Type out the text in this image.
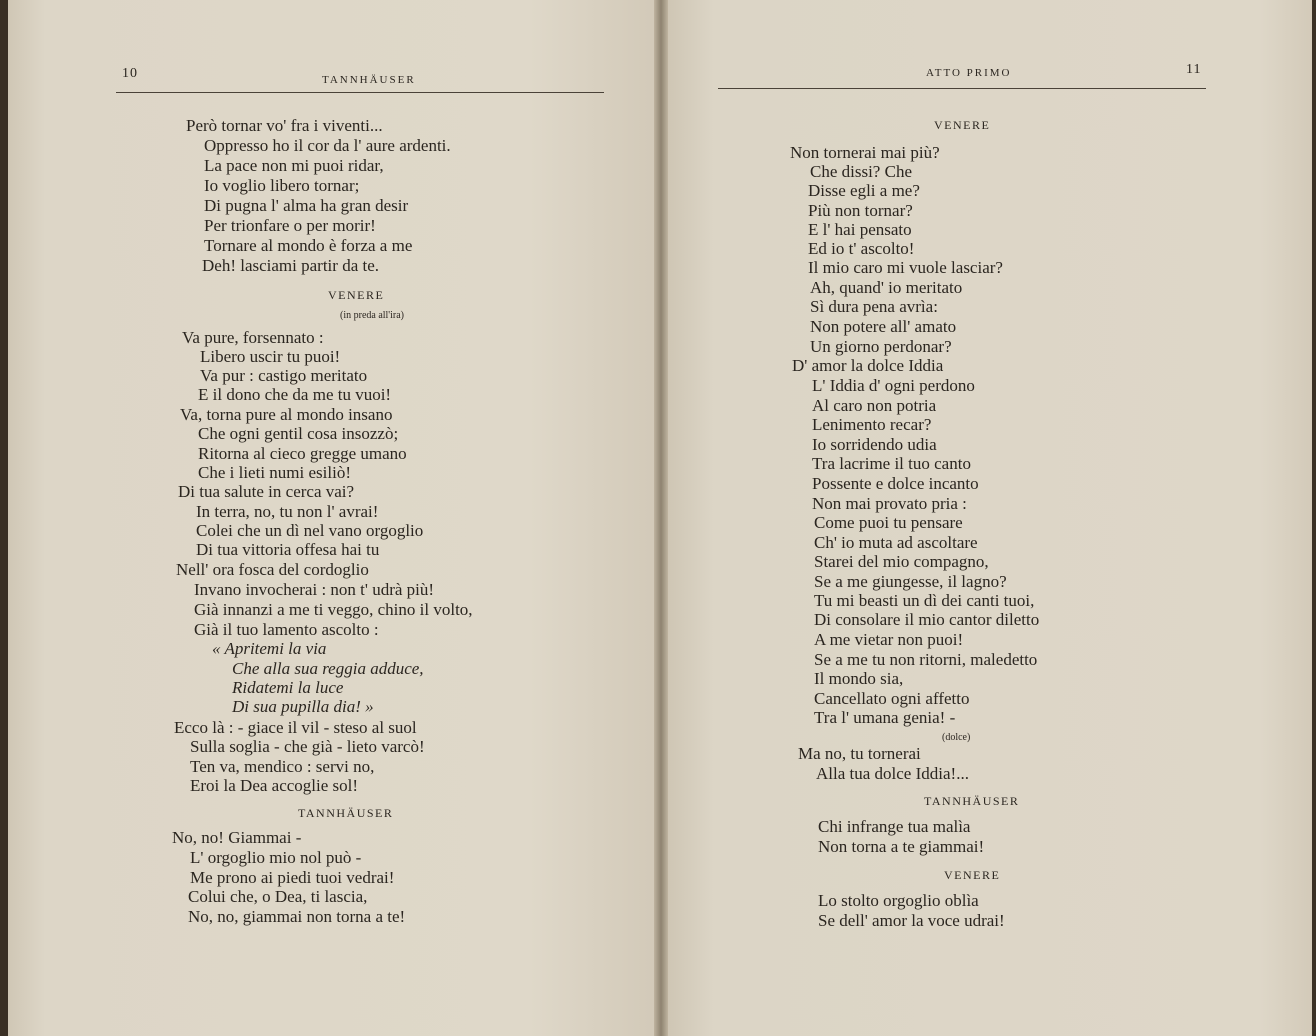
10	TANNHÄUSER
ATTO PRIMO	11
Però tornar vo' fra i viventi...
Oppresso ho il cor da l' aure ardenti.
La pace non mi puoi ridar,
Io voglio libero tornar;
Di pugna l' alma ha gran desir
Per trionfare o per morir!
Tornare al mondo è forza a me
Deh! lasciami partir da te.
VENERE
(in preda all'ira)
Va pure, forsennato :
Libero uscir tu puoi!
Va pur : castigo meritato
E il dono che da me tu vuoi!
Va, torna pure al mondo insano
Che ogni gentil cosa insozzò;
Ritorna al cieco gregge umano
Che i lieti numi esiliò!
Di tua salute in cerca vai?
In terra, no, tu non l' avrai!
Colei che un dì nel vano orgoglio
Di tua vittoria offesa hai tu
Nell' ora fosca del cordoglio
Invano invocherai : non t' udrà più!
Già innanzi a me ti veggo, chino il volto,
Già il tuo lamento ascolto :
« Apritemi la via
Che alla sua reggia adduce,
Ridatemi la luce
Di sua pupilla dia! »
Ecco là : - giace il vil - steso al suol
Sulla soglia - che già - lieto varcò!
Ten va, mendico : servi no,
Eroi la Dea accoglie sol!
TANNHÄUSER
No, no! Giammai -
L' orgoglio mio nol può -
Me prono ai piedi tuoi vedrai!
Colui che, o Dea, ti lascia,
No, no, giammai non torna a te!
VENERE
Non tornerai mai più?
Che dissi? Che
Disse egli a me?
Più non tornar?
E l' hai pensato
Ed io t' ascolto!
Il mio caro mi vuole lasciar?
Ah, quand' io meritato
Sì dura pena avrìa:
Non potere all' amato
Un giorno perdonar?
D' amor la dolce Iddia
L' Iddia d' ogni perdono
Al caro non potria
Lenimento recar?
Io sorridendo udia
Tra lacrime il tuo canto
Possente e dolce incanto
Non mai provato pria :
Come puoi tu pensare
Ch' io muta ad ascoltare
Starei del mio compagno,
Se a me giungesse, il lagno?
Tu mi beasti un dì dei canti tuoi,
Di consolare il mio cantor diletto
A me vietar non puoi!
Se a me tu non ritorni, maledetto
Il mondo sia,
Cancellato ogni affetto
Tra l' umana genia! -
(dolce)
Ma no, tu tornerai
Alla tua dolce Iddia!...
TANNHÄUSER
Chi infrange tua malìa
Non torna a te giammai!
VENERE
Lo stolto orgoglio oblìa
Se dell' amor la voce udrai!
